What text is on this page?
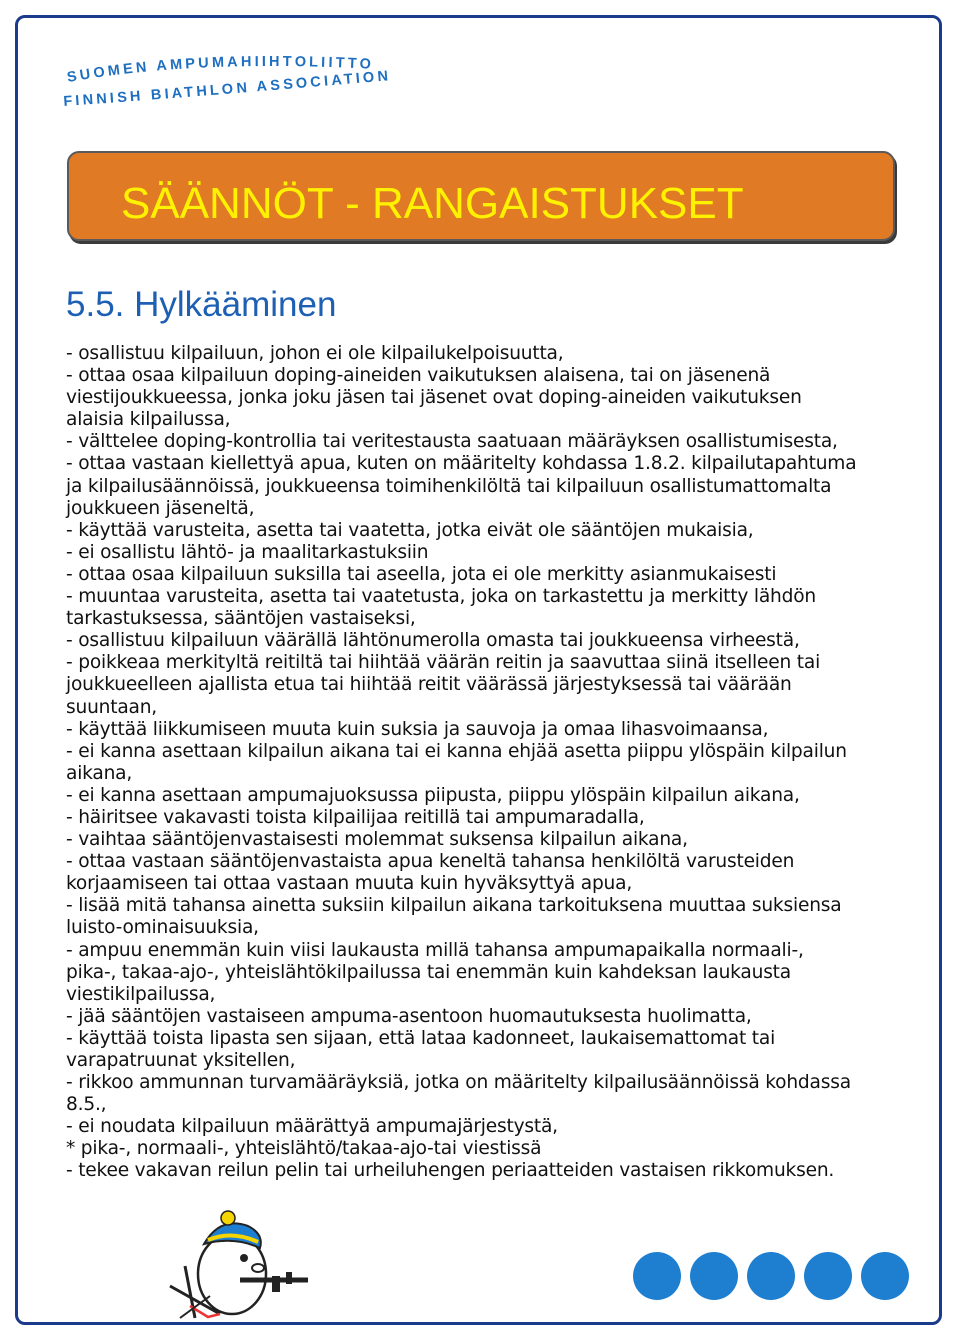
SUOMEN AMPUMAHIIHTOLIITTO
FINNISH BIATHLON ASSOCIATION
SÄÄNNÖT - RANGAISTUKSET
5.5. Hylkääminen
- osallistuu kilpailuun, johon ei ole kilpailukelpoisuutta,
- ottaa osaa kilpailuun doping-aineiden vaikutuksen alaisena, tai on jäsenenä
viestijoukkueessa, jonka joku jäsen tai jäsenet ovat doping-aineiden vaikutuksen
alaisia kilpailussa,
- välttelee doping-kontrollia tai veritestausta saatuaan määräyksen osallistumisesta,
- ottaa vastaan kiellettyä apua, kuten on määritelty kohdassa 1.8.2. kilpailutapahtuma
ja kilpailusäännöissä, joukkueensa toimihenkilöltä tai kilpailuun osallistumattomalta
joukkueen jäseneltä,
- käyttää varusteita, asetta tai vaatetta, jotka eivät ole sääntöjen mukaisia,
- ei osallistu lähtö- ja maalitarkastuksiin
- ottaa osaa kilpailuun suksilla tai aseella, jota ei ole merkitty asianmukaisesti
- muuntaa varusteita, asetta tai vaatetusta, joka on tarkastettu ja merkitty lähdön
tarkastuksessa, sääntöjen vastaiseksi,
- osallistuu kilpailuun väärällä lähtönumerolla omasta tai joukkueensa virheestä,
- poikkeaa merkityltä reitiltä tai hiihtää väärän reitin ja saavuttaa siinä itselleen tai
joukkueelleen ajallista etua tai hiihtää reitit väärässä järjestyksessä tai väärään
suuntaan,
- käyttää liikkumiseen muuta kuin suksia ja sauvoja ja omaa lihasvoimaansa,
- ei kanna asettaan kilpailun aikana tai ei kanna ehjää asetta piippu ylöspäin kilpailun
aikana,
- ei kanna asettaan ampumajuoksussa piipusta, piippu ylöspäin kilpailun aikana,
- häiritsee vakavasti toista kilpailijaa reitillä tai ampumaradalla,
- vaihtaa sääntöjenvastaisesti molemmat suksensa kilpailun aikana,
- ottaa vastaan sääntöjenvastaista apua keneltä tahansa henkilöltä varusteiden
korjaamiseen tai ottaa vastaan muuta kuin hyväksyttyä apua,
- lisää mitä tahansa ainetta suksiin kilpailun aikana tarkoituksena muuttaa suksiensa
luisto-ominaisuuksia,
- ampuu enemmän kuin viisi laukausta millä tahansa ampumapaikalla normaali-,
pika-, takaa-ajo-, yhteislähtökilpailussa tai enemmän kuin kahdeksan laukausta
viestikilpailussa,
- jää sääntöjen vastaiseen ampuma-asentoon huomautuksesta huolimatta,
- käyttää toista lipasta sen sijaan, että lataa kadonneet, laukaisemattomat tai
varapatruunat yksitellen,
- rikkoo ammunnan turvamääräyksiä, jotka on määritelty kilpailusäännöissä kohdassa
8.5.,
- ei noudata kilpailuun määrättyä ampumajärjestystä,
* pika-, normaali-, yhteislähtö/takaa-ajo-tai viestissä
- tekee vakavan reilun pelin tai urheiluhengen periaatteiden vastaisen rikkomuksen.
